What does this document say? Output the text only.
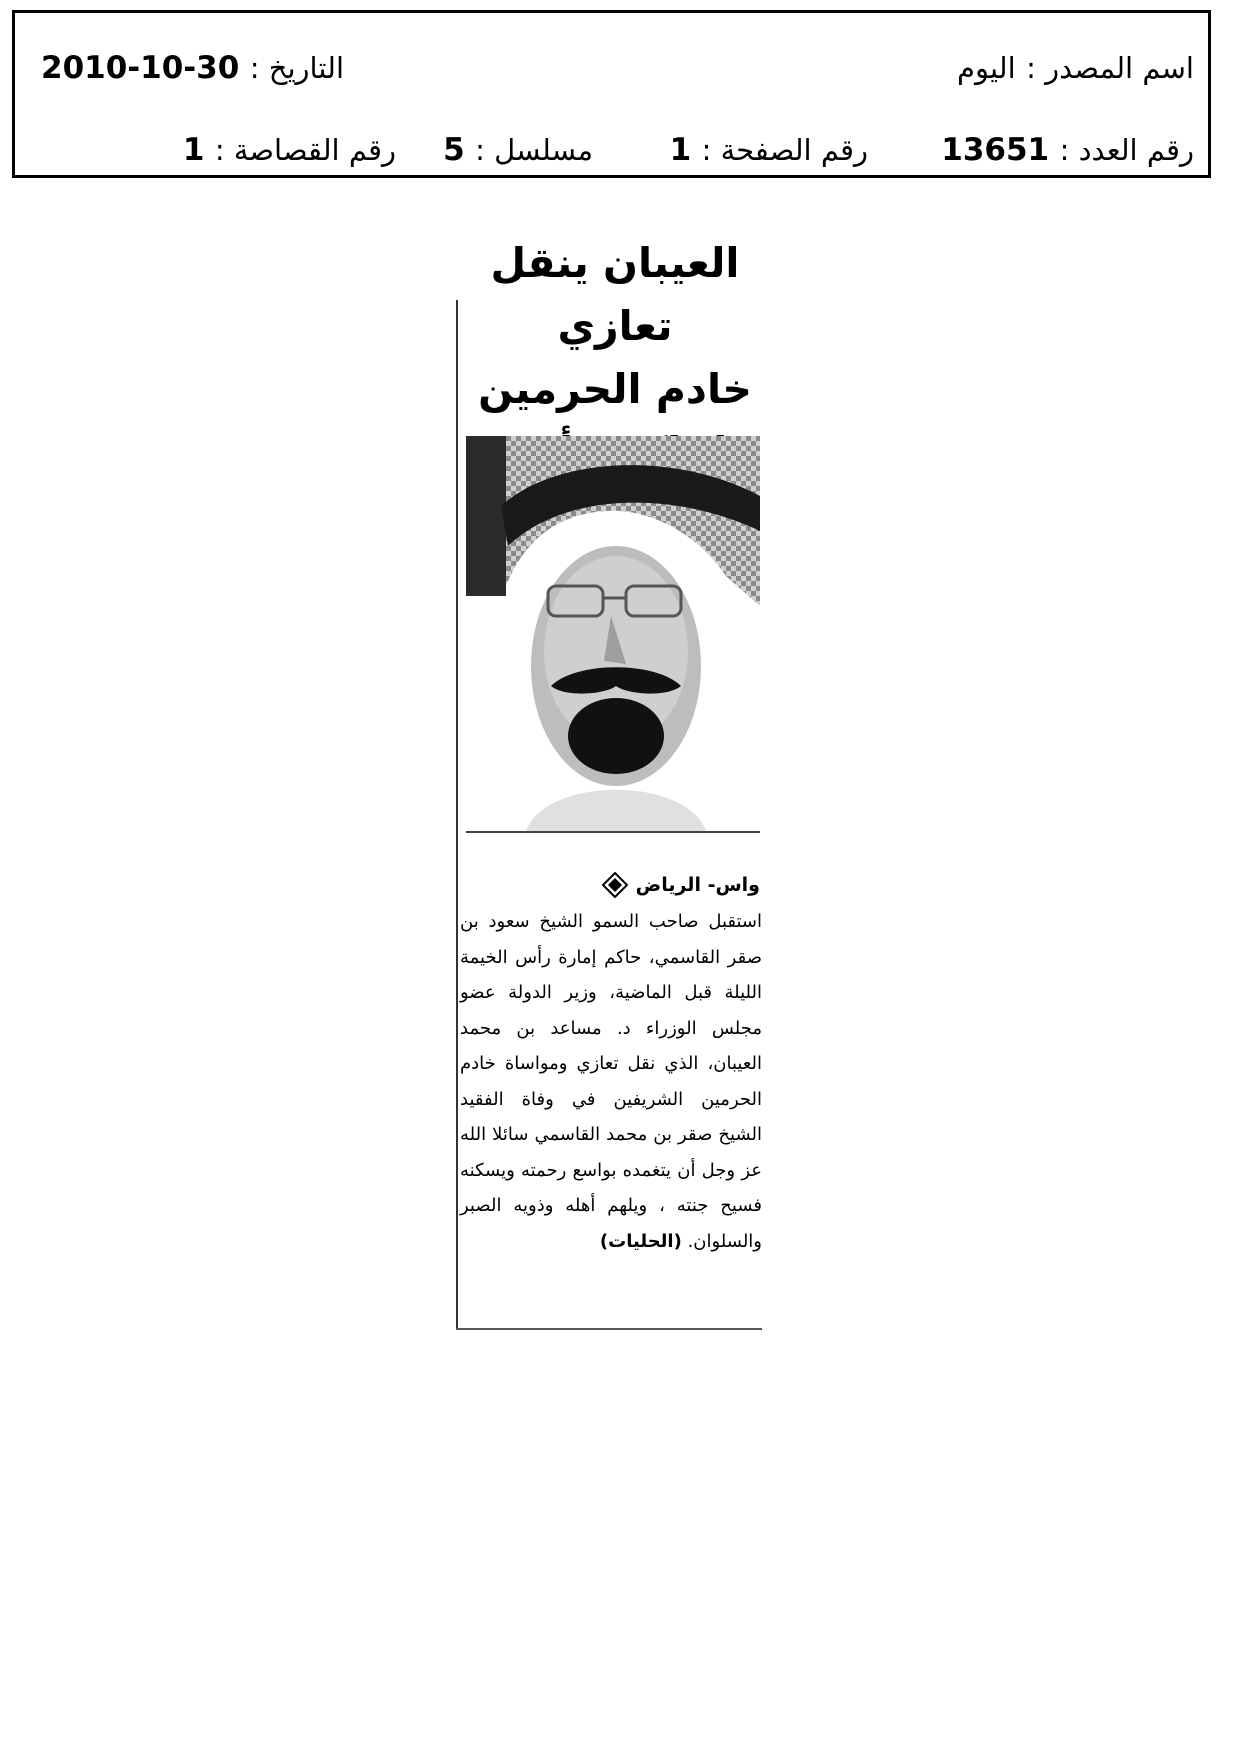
اسم المصدر : اليوم
2010-10-30 التاريخ :
رقم العدد : 13651
رقم الصفحة : 1
مسلسل : 5
رقم القصاصة : 1
العيبان ينقل تعازي
خادم الحرمين
واس- الرياض

استقبل صاحب السمو الشيخ سعود بن صقر القاسمي، حاكم إمارة رأس الخيمة الليلة قبل الماضية، وزير الدولة عضو مجلس الوزراء د. مساعد بن محمد العيبان، الذي نقل تعازي ومواساة خادم الحرمين الشريفين في وفاة الفقيد الشيخ صقر بن محمد القاسمي سائلا الله عز وجل أن يتغمده بواسع رحمته ويسكنه فسيح جنته ، ويلهم أهله وذويه الصبر والسلوان. (الحليات)
